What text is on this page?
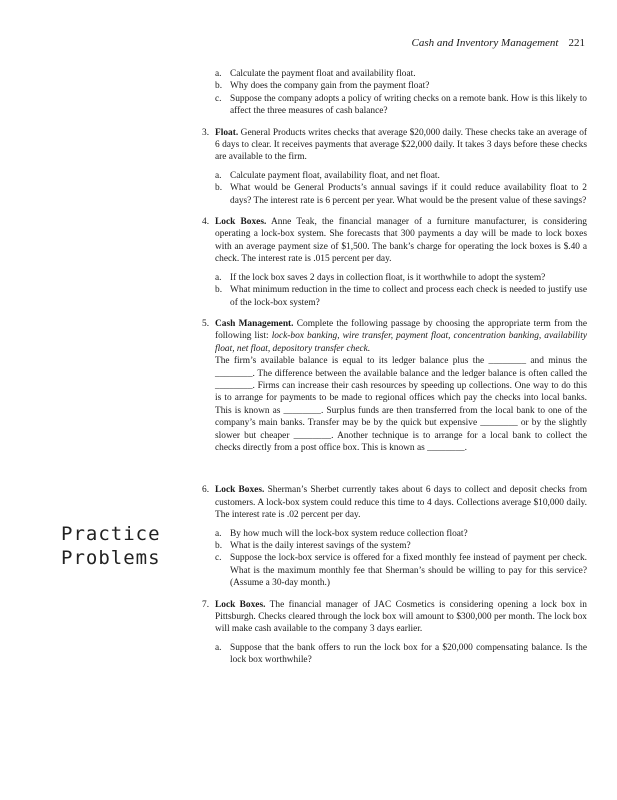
Cash and Inventory Management 221
Practice
Problems
a. Calculate the payment float and availability float.
b. Why does the company gain from the payment float?
c. Suppose the company adopts a policy of writing checks on a remote bank. How is this likely to affect the three measures of cash balance?
3. Float. General Products writes checks that average $20,000 daily. These checks take an average of 6 days to clear. It receives payments that average $22,000 daily. It takes 3 days before these checks are available to the firm.

a. Calculate payment float, availability float, and net float.
b. What would be General Products’s annual savings if it could reduce availability float to 2 days? The interest rate is 6 percent per year. What would be the present value of these savings?
4. Lock Boxes. Anne Teak, the financial manager of a furniture manufacturer, is considering operating a lock-box system. She forecasts that 300 payments a day will be made to lock boxes with an average payment size of $1,500. The bank’s charge for operating the lock boxes is $.40 a check. The interest rate is .015 percent per day.

a. If the lock box saves 2 days in collection float, is it worthwhile to adopt the system?
b. What minimum reduction in the time to collect and process each check is needed to justify use of the lock-box system?
5. Cash Management. Complete the following passage by choosing the appropriate term from the following list: lock-box banking, wire transfer, payment float, concentration banking, availability float, net float, depository transfer check.

The firm’s available balance is equal to its ledger balance plus the ________ and minus the ________. The difference between the available balance and the ledger balance is often called the ________. Firms can increase their cash resources by speeding up collections. One way to do this is to arrange for payments to be made to regional offices which pay the checks into local banks. This is known as ________. Surplus funds are then transferred from the local bank to one of the company’s main banks. Transfer may be by the quick but expensive ________ or by the slightly slower but cheaper ________. Another technique is to arrange for a local bank to collect the checks directly from a post office box. This is known as ________.

6. Lock Boxes. Sherman’s Sherbet currently takes about 6 days to collect and deposit checks from customers. A lock-box system could reduce this time to 4 days. Collections average $10,000 daily. The interest rate is .02 percent per day.

a. By how much will the lock-box system reduce collection float?
b. What is the daily interest savings of the system?
c. Suppose the lock-box service is offered for a fixed monthly fee instead of payment per check. What is the maximum monthly fee that Sherman’s should be willing to pay for this service? (Assume a 30-day month.)
7. Lock Boxes. The financial manager of JAC Cosmetics is considering opening a lock box in Pittsburgh. Checks cleared through the lock box will amount to $300,000 per month. The lock box will make cash available to the company 3 days earlier.

a. Suppose that the bank offers to run the lock box for a $20,000 compensating balance. Is the lock box worthwhile?
